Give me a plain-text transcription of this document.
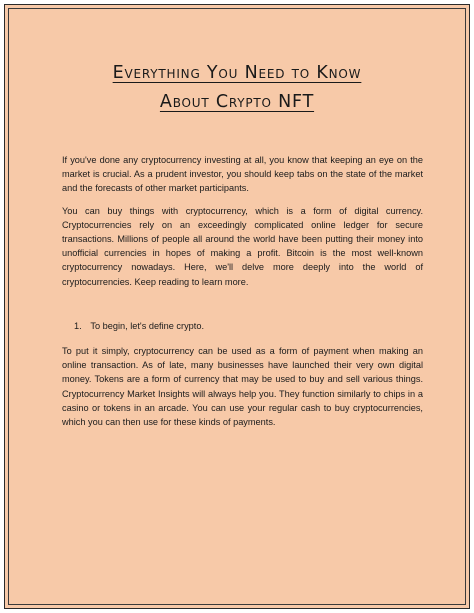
Everything You Need to Know
About Crypto NFT

If you've done any cryptocurrency investing at all, you know that keeping an eye on the market is crucial. As a prudent investor, you should keep tabs on the state of the market and the forecasts of other market participants.

You can buy things with cryptocurrency, which is a form of digital currency. Cryptocurrencies rely on an exceedingly complicated online ledger for secure transactions. Millions of people all around the world have been putting their money into unofficial currencies in hopes of making a profit. Bitcoin is the most well-known cryptocurrency nowadays. Here, we'll delve more deeply into the world of cryptocurrencies. Keep reading to learn more.

1. To begin, let's define crypto.

To put it simply, cryptocurrency can be used as a form of payment when making an online transaction. As of late, many businesses have launched their very own digital money. Tokens are a form of currency that may be used to buy and sell various things. Cryptocurrency Market Insights will always help you. They function similarly to chips in a casino or tokens in an arcade. You can use your regular cash to buy cryptocurrencies, which you can then use for these kinds of payments.
